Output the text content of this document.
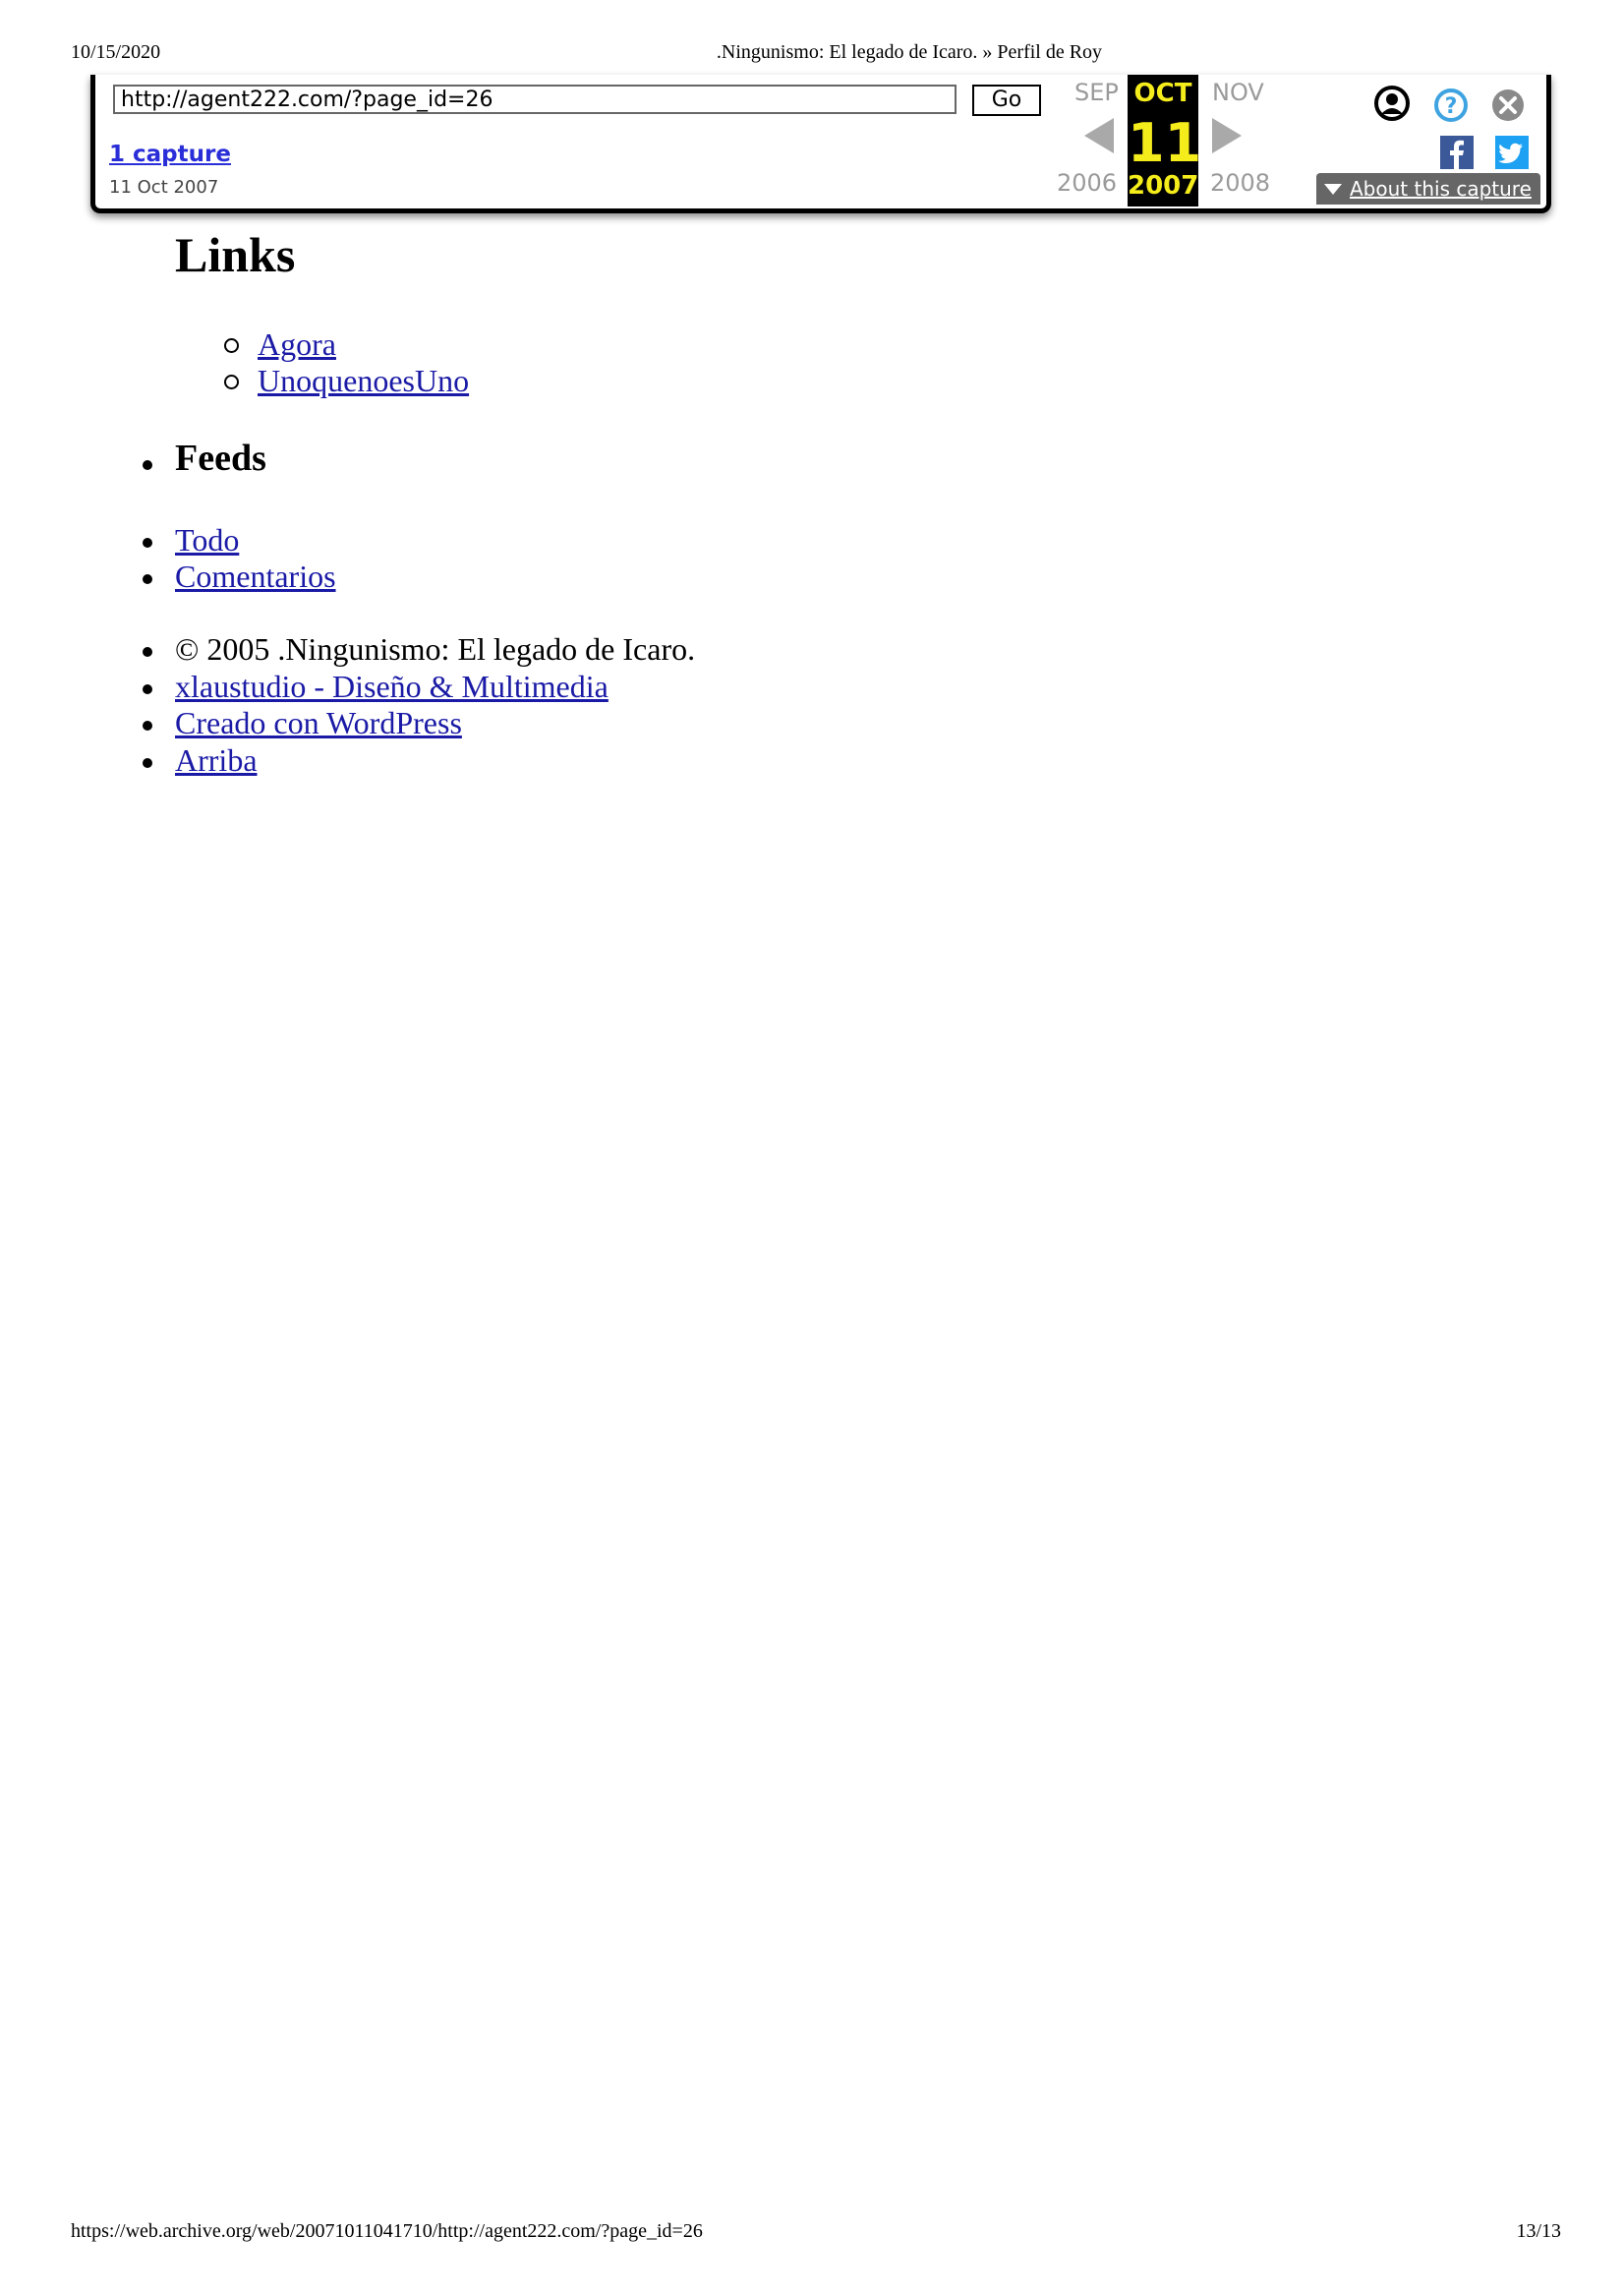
10/15/2020	.Ningunismo: El legado de Icaro. » Perfil de Roy
http://agent222.com/?page_id=26
Go
1 capture
11 Oct 2007
SEP	NOV
OCT
11
2007
2006	2008
?
About this capture
Links
Agora
UnoquenoesUno
Feeds
Todo
Comentarios
© 2005 .Ningunismo: El legado de Icaro.
xlaustudio - Diseño & Multimedia
Creado con WordPress
Arriba
https://web.archive.org/web/20071011041710/http://agent222.com/?page_id=26	13/13
